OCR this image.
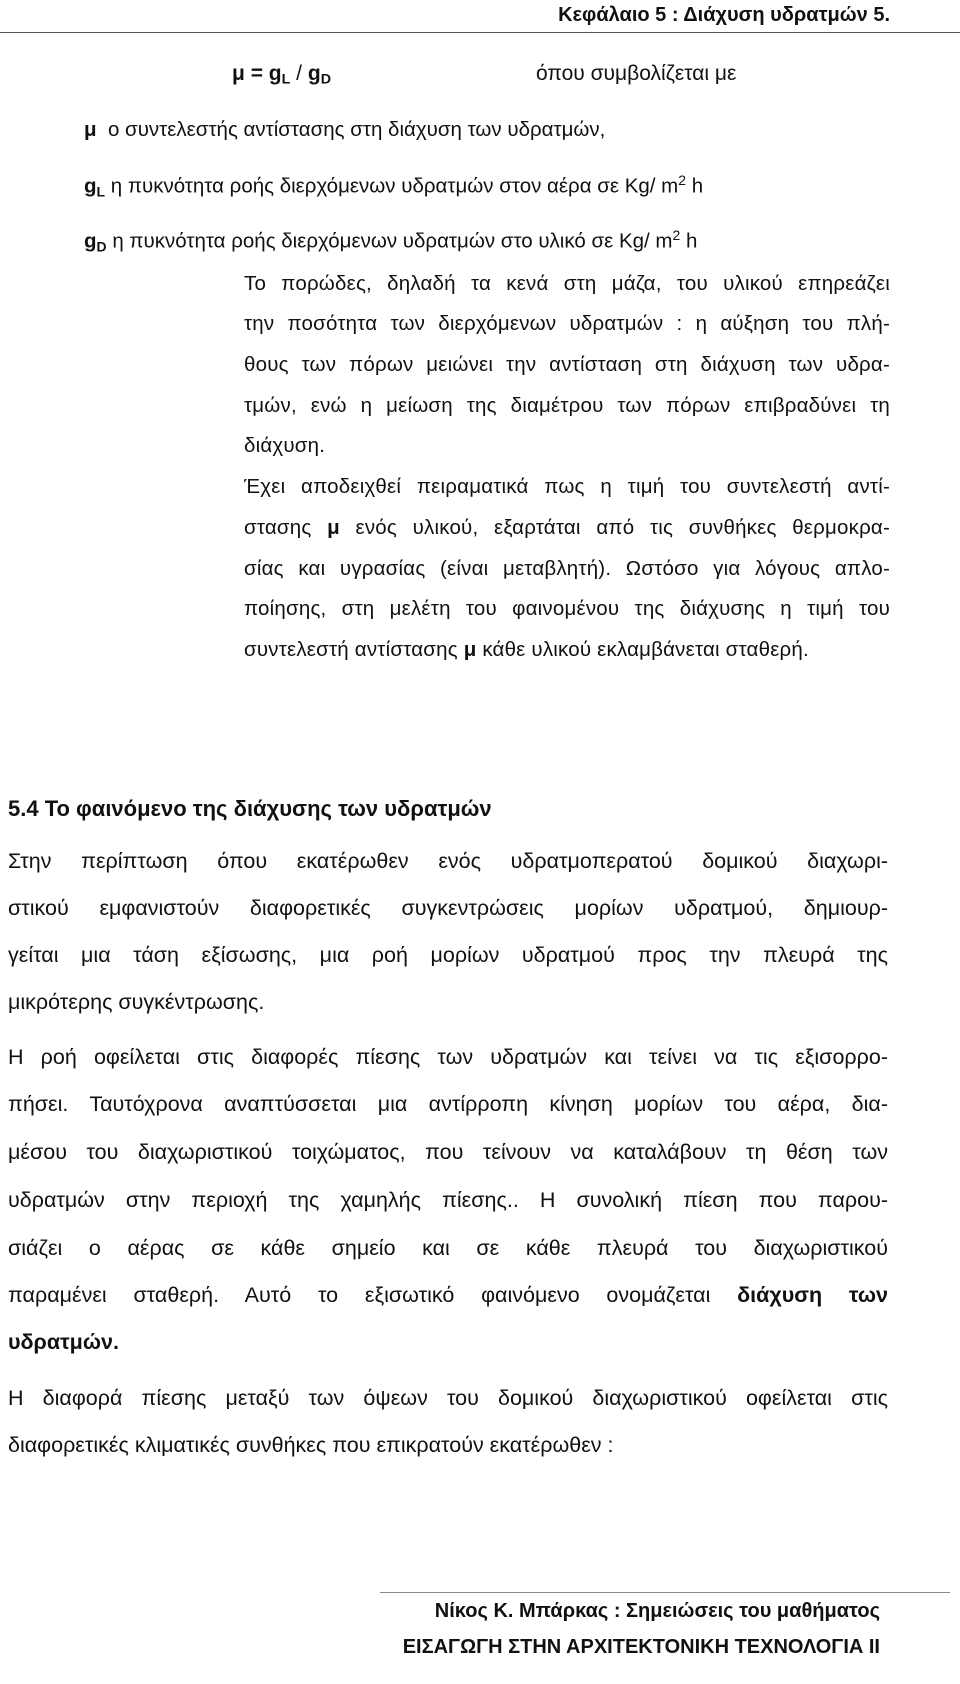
Κεφάλαιο 5 : Διάχυση υδρατμών 5.
$\mu = g_L / g_D$	όπου συμβολίζεται με
μ ο συντελεστής αντίστασης στη διάχυση των υδρατμών,
$g_L$ η πυκνότητα ροής διερχόμενων υδρατμών στον αέρα σε Kg/ $m^2$ h
$g_D$ η πυκνότητα ροής διερχόμενων υδρατμών στο υλικό σε Kg/ $m^2$ h
Το πορώδες, δηλαδή τα κενά στη μάζα, του υλικού επηρεάζει
την ποσότητα των διερχόμενων υδρατμών : η αύξηση του πλή-
θους των πόρων μειώνει την αντίσταση στη διάχυση των υδρα-
τμών, ενώ η μείωση της διαμέτρου των πόρων επιβραδύνει τη
διάχυση.
Έχει αποδειχθεί πειραματικά πως η τιμή του συντελεστή αντί-
στασης μ ενός υλικού, εξαρτάται από τις συνθήκες θερμοκρα-
σίας και υγρασίας (είναι μεταβλητή). Ωστόσο για λόγους απλο-
ποίησης, στη μελέτη του φαινομένου της διάχυσης η τιμή του
συντελεστή αντίστασης μ κάθε υλικού εκλαμβάνεται σταθερή.
5.4 Το φαινόμενο της διάχυσης των υδρατμών
Στην περίπτωση όπου εκατέρωθεν ενός υδρατμοπερατού δομικού διαχωρι-
στικού εμφανιστούν διαφορετικές συγκεντρώσεις μορίων υδρατμού, δημιουρ-
γείται μια τάση εξίσωσης, μια ροή μορίων υδρατμού προς την πλευρά της
μικρότερης συγκέντρωσης.
Η ροή οφείλεται στις διαφορές πίεσης των υδρατμών και τείνει να τις εξισορρο-
πήσει. Ταυτόχρονα αναπτύσσεται μια αντίρροπη κίνηση μορίων του αέρα, δια-
μέσου του διαχωριστικού τοιχώματος, που τείνουν να καταλάβουν τη θέση των
υδρατμών στην περιοχή της χαμηλής πίεσης.. Η συνολική πίεση που παρου-
σιάζει ο αέρας σε κάθε σημείο και σε κάθε πλευρά του διαχωριστικού
παραμένει σταθερή. Αυτό το εξισωτικό φαινόμενο ονομάζεται διάχυση των
υδρατμών.
Η διαφορά πίεσης μεταξύ των όψεων του δομικού διαχωριστικού οφείλεται στις
διαφορετικές κλιματικές συνθήκες που επικρατούν εκατέρωθεν :
Νίκος Κ. Μπάρκας : Σημειώσεις του μαθήματος
ΕΙΣΑΓΩΓΗ ΣΤΗΝ ΑΡΧΙΤΕΚΤΟΝΙΚΗ ΤΕΧΝΟΛΟΓΙΑ ΙΙ
